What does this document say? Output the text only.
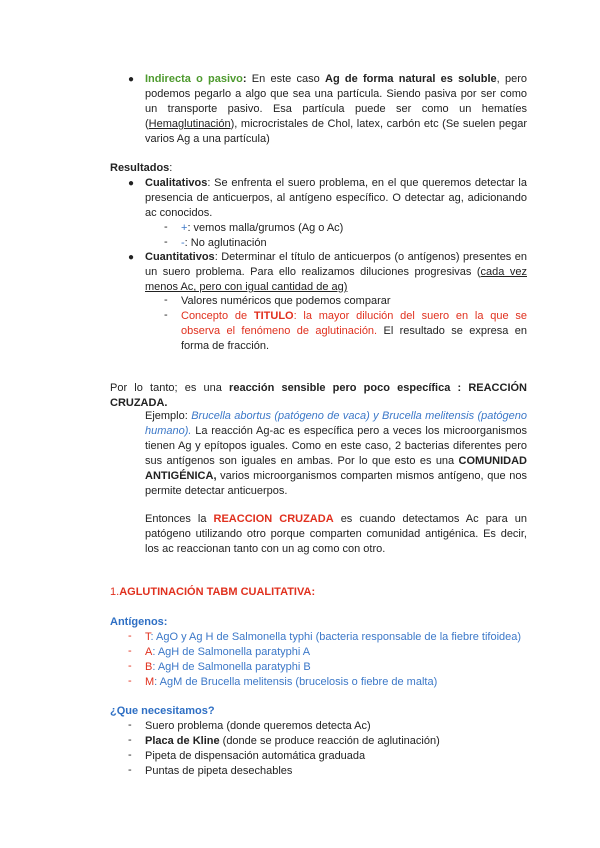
● Indirecta o pasivo: En este caso Ag de forma natural es soluble, pero podemos pegarlo a algo que sea una partícula. Siendo pasiva por ser como un transporte pasivo. Esa partícula puede ser como un hematíes (Hemaglutinación), microcristales de Chol, latex, carbón etc (Se suelen pegar varios Ag a una partícula)
Resultados:
● Cualitativos: Se enfrenta el suero problema, en el que queremos detectar la presencia de anticuerpos, al antígeno específico. O detectar ag, adicionando ac conocidos.
- +: vemos malla/grumos (Ag o Ac)
- -: No aglutinación
● Cuantitativos: Determinar el título de anticuerpos (o antígenos) presentes en un suero problema. Para ello realizamos diluciones progresivas (cada vez menos Ac, pero con igual cantidad de ag)
- Valores numéricos que podemos comparar
- Concepto de TITULO: la mayor dilución del suero en la que se observa el fenómeno de aglutinación. El resultado se expresa en forma de fracción.
Por lo tanto; es una reacción sensible pero poco específica : REACCIÓN CRUZADA.
Ejemplo: Brucella abortus (patógeno de vaca) y Brucella melitensis (patógeno humano). La reacción Ag-ac es específica pero a veces los microorganismos tienen Ag y epítopos iguales. Como en este caso, 2 bacterias diferentes pero sus antígenos son iguales en ambas. Por lo que esto es una COMUNIDAD ANTIGÉNICA, varios microorganismos comparten mismos antígeno, que nos permite detectar anticuerpos.
Entonces la REACCION CRUZADA es cuando detectamos Ac para un patógeno utilizando otro porque comparten comunidad antigénica. Es decir, los ac reaccionan tanto con un ag como con otro.
1.AGLUTINACIÓN TABM CUALITATIVA:
Antígenos:
- T: AgO y Ag H de Salmonella typhi (bacteria responsable de la fiebre tifoidea)
- A: AgH de Salmonella paratyphi A
- B: AgH de Salmonella paratyphi B
- M: AgM de Brucella melitensis (brucelosis o fiebre de malta)
¿Que necesitamos?
- Suero problema (donde queremos detecta Ac)
- Placa de Kline (donde se produce reacción de aglutinación)
- Pipeta de dispensación automática graduada
- Puntas de pipeta desechables
